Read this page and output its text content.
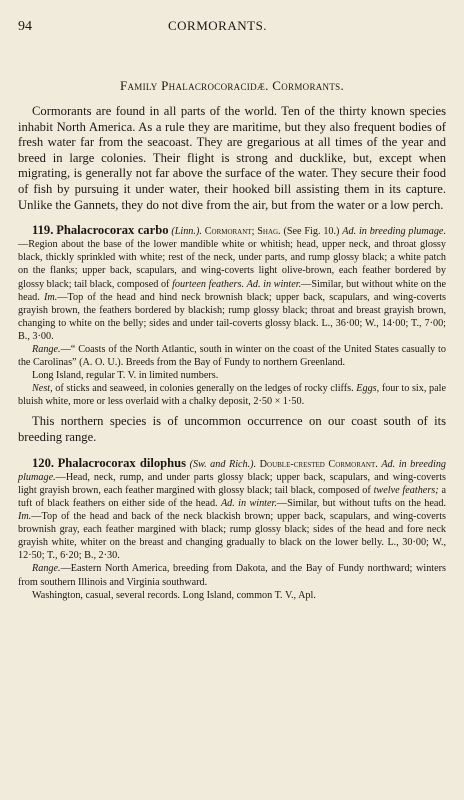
94	CORMORANTS.
Family Phalacrocoracidæ. Cormorants.

Cormorants are found in all parts of the world. Ten of the thirty known species inhabit North America. As a rule they are maritime, but they also frequent bodies of fresh water far from the seacoast. They are gregarious at all times of the year and breed in large colonies. Their flight is strong and ducklike, but, except when migrating, is generally not far above the surface of the water. They secure their food of fish by pursuing it under water, their hooked bill assisting them in its capture. Unlike the Gannets, they do not dive from the air, but from the water or a low perch.

119. Phalacrocorax carbo (Linn.). Cormorant; Shag. (See Fig. 10.) Ad. in breeding plumage.—Region about the base of the lower mandible white or whitish; head, upper neck, and throat glossy black, thickly sprinkled with white; rest of the neck, under parts, and rump glossy black; a white patch on the flanks; upper back, scapulars, and wing-coverts light olive-brown, each feather bordered by glossy black; tail black, composed of fourteen feathers. Ad. in winter.—Similar, but without white on the head. Im.—Top of the head and hind neck brownish black; upper back, scapulars, and wing-coverts grayish brown, the feathers bordered by blackish; rump glossy black; throat and breast grayish brown, changing to white on the belly; sides and under tail-coverts glossy black. L., 36·00; W., 14·00; T., 7·00; B., 3·00.

Range.—“ Coasts of the North Atlantic, south in winter on the coast of the United States casually to the Carolinas” (A. O. U.). Breeds from the Bay of Fundy to northern Greenland.

Long Island, regular T. V. in limited numbers.

Nest, of sticks and seaweed, in colonies generally on the ledges of rocky cliffs. Eggs, four to six, pale bluish white, more or less overlaid with a chalky deposit, 2·50 × 1·50.

This northern species is of uncommon occurrence on our coast south of its breeding range.

120. Phalacrocorax dilophus (Sw. and Rich.). Double-crested Cormorant. Ad. in breeding plumage.—Head, neck, rump, and under parts glossy black; upper back, scapulars, and wing-coverts light grayish brown, each feather margined with glossy black; tail black, composed of twelve feathers; a tuft of black feathers on either side of the head. Ad. in winter.—Similar, but without tufts on the head. Im.—Top of the head and back of the neck blackish brown; upper back, scapulars, and wing-coverts brownish gray, each feather margined with black; rump glossy black; sides of the head and fore neck grayish white, whiter on the breast and changing gradually to black on the lower belly. L., 30·00; W., 12·50; T., 6·20; B., 2·30.

Range.—Eastern North America, breeding from Dakota, and the Bay of Fundy northward; winters from southern Illinois and Virginia southward.

Washington, casual, several records. Long Island, common T. V., Apl.
